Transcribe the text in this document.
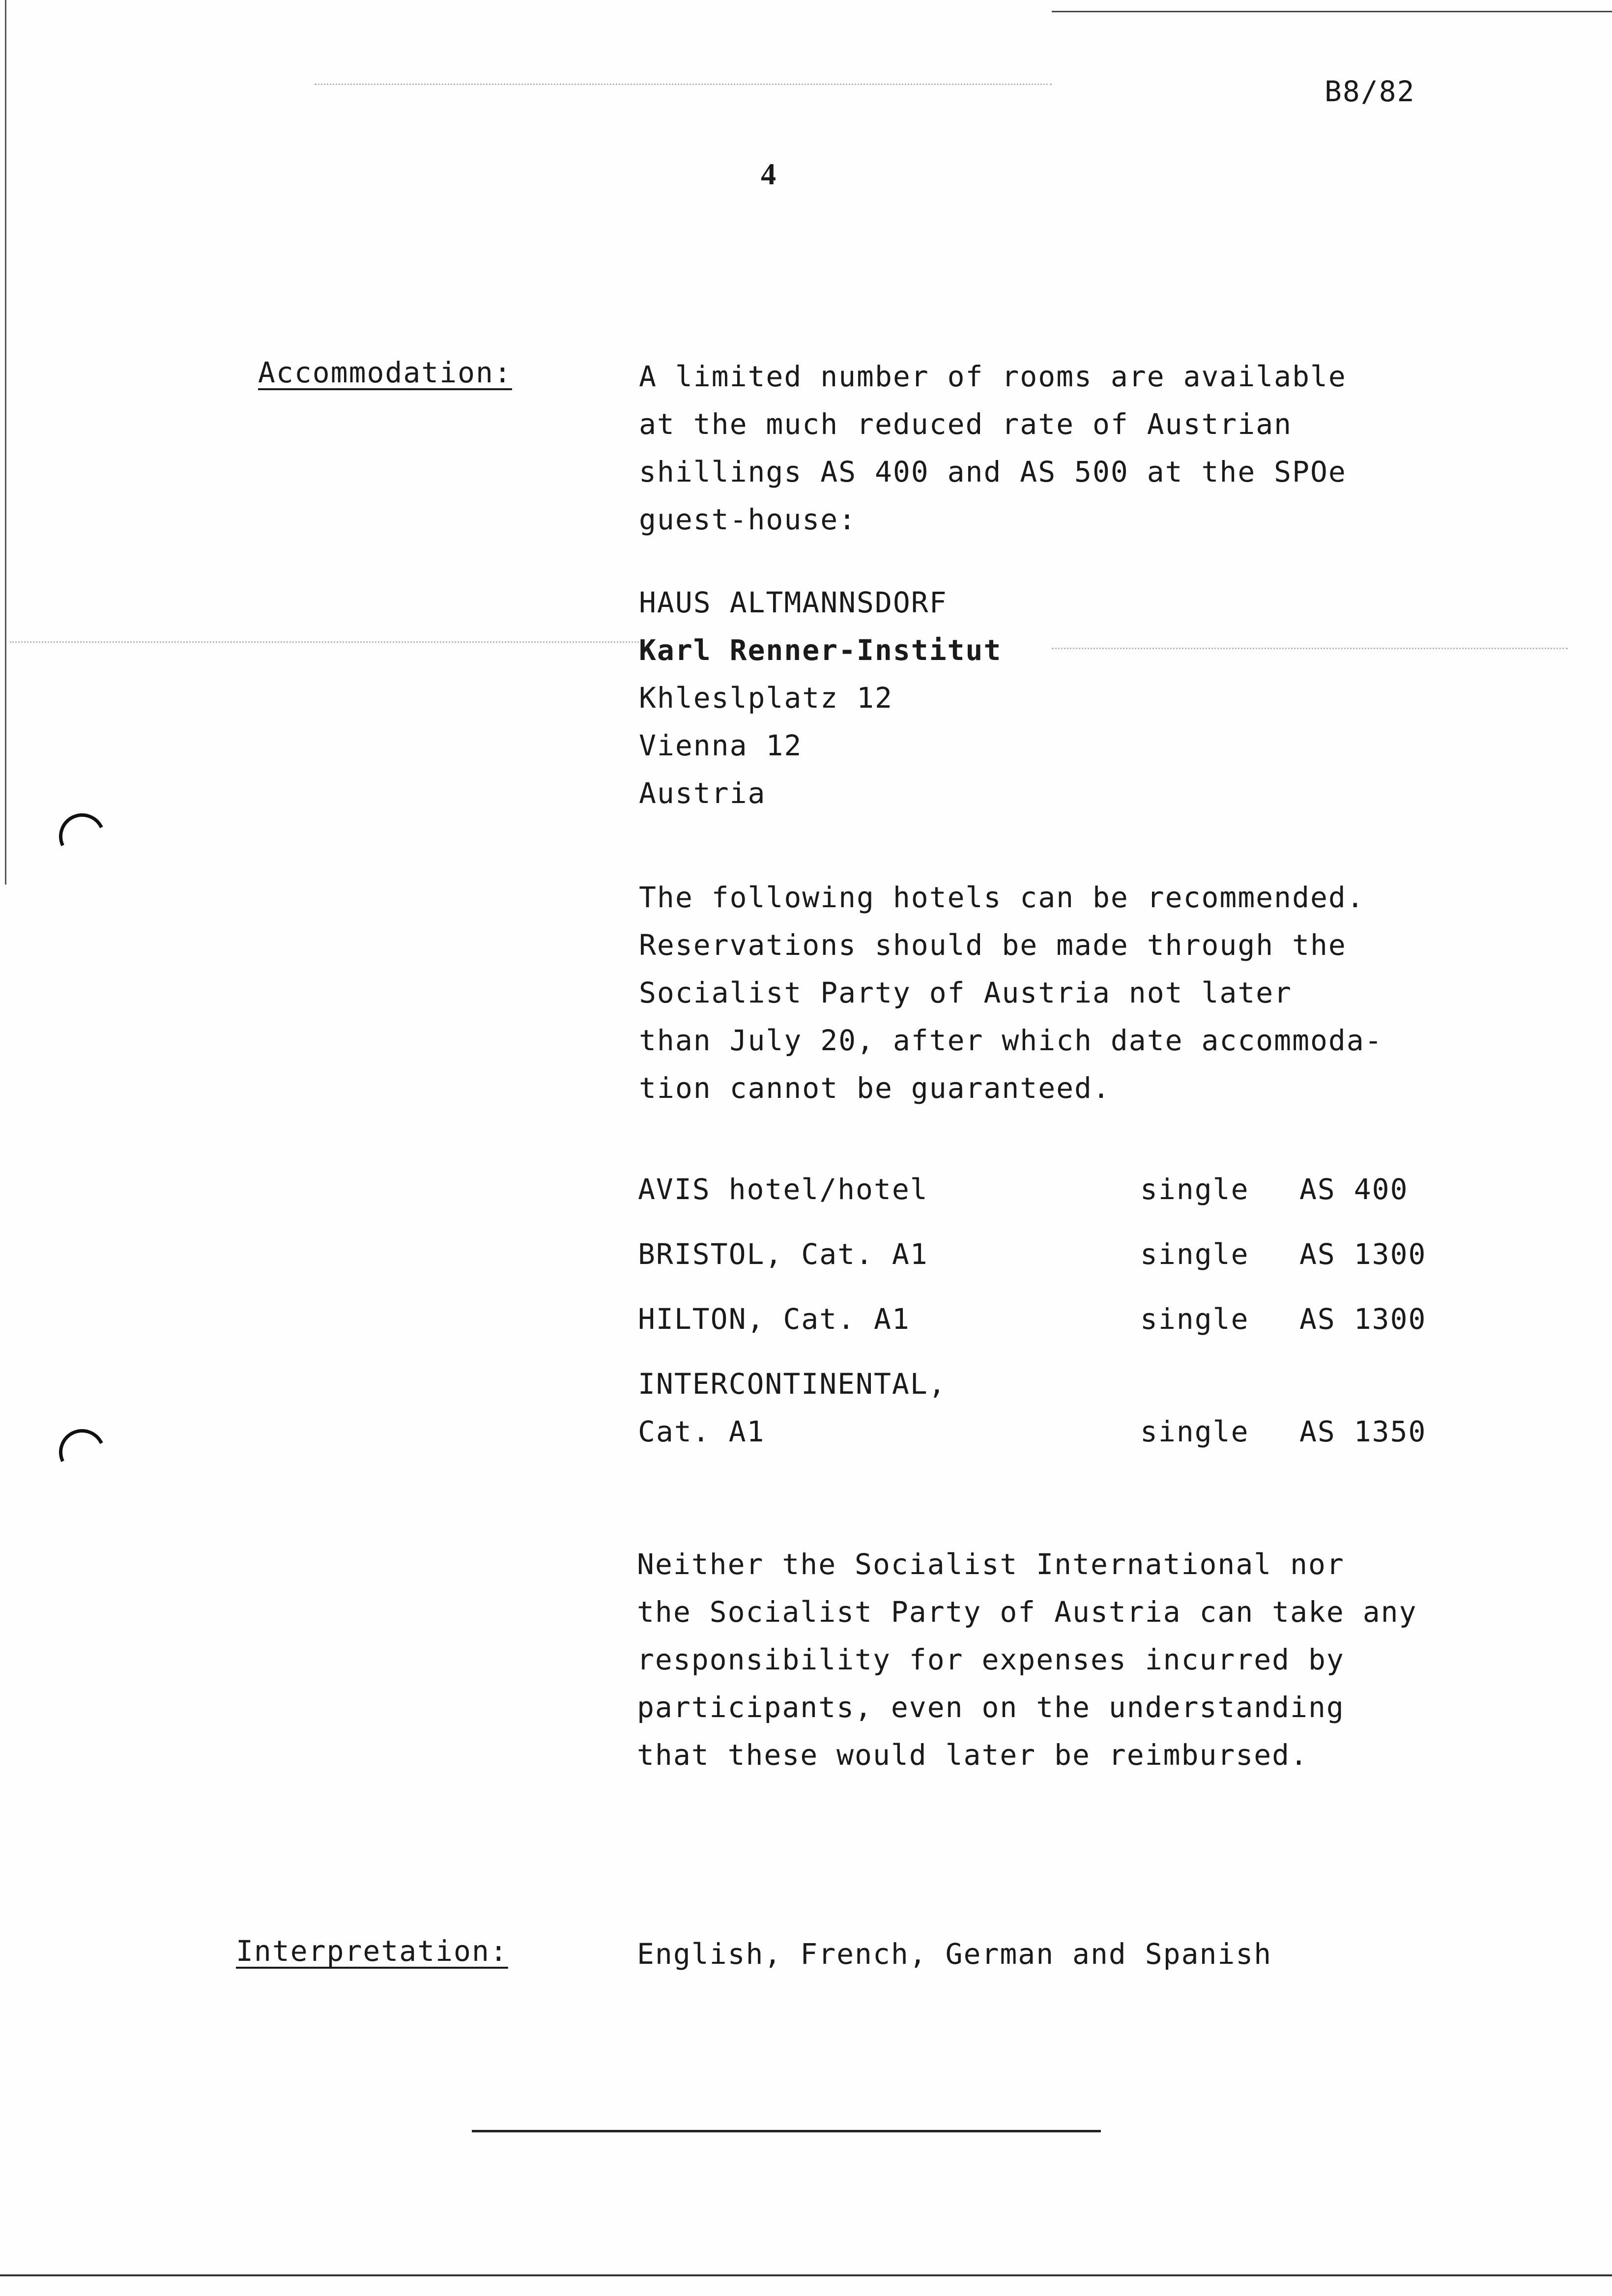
B8/82
4
Accommodation:	A limited number of rooms are available
at the much reduced rate of Austrian
shillings AS 400 and AS 500 at the SPOe
guest-house:
HAUS ALTMANNSDORF
Karl Renner-Institut
Khleslplatz 12
Vienna 12
Austria
The following hotels can be recommended.
Reservations should be made through the
Socialist Party of Austria not later
than July 20, after which date accommoda-
tion cannot be guaranteed.
AVIS hotel/hotel	single AS 400
BRISTOL, Cat. A1	single AS 1300
HILTON, Cat. A1	single AS 1300
INTERCONTINENTAL,
Cat. A1	single AS 1350
Neither the Socialist International nor
the Socialist Party of Austria can take any
responsibility for expenses incurred by
participants, even on the understanding
that these would later be reimbursed.
Interpretation:	English, French, German and Spanish
